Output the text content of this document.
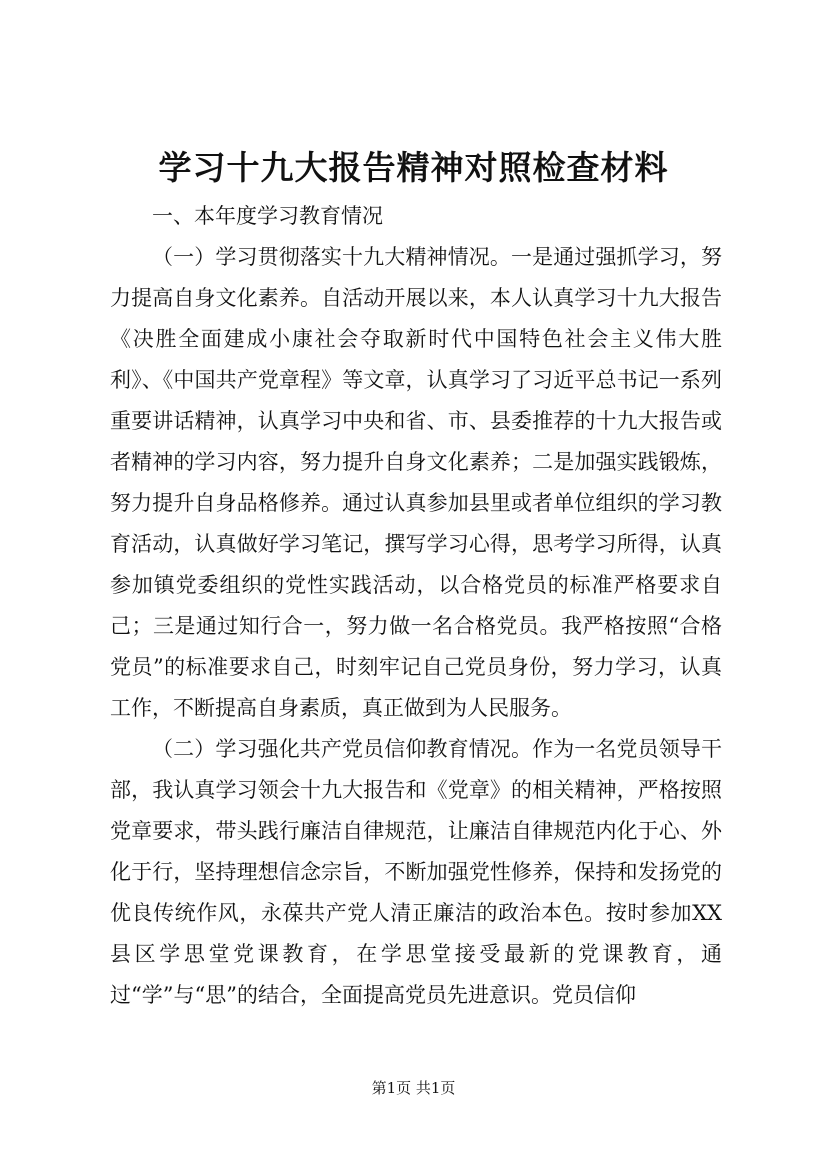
学习十九大报告精神对照检查材料

一、本年度学习教育情况

（一）学习贯彻落实十九大精神情况。一是通过强抓学习，努力提高自身文化素养。自活动开展以来，本人认真学习十九大报告《决胜全面建成小康社会夺取新时代中国特色社会主义伟大胜利》、《中国共产党章程》等文章，认真学习了习近平总书记一系列重要讲话精神，认真学习中央和省、市、县委推荐的十九大报告或者精神的学习内容，努力提升自身文化素养；二是加强实践锻炼，努力提升自身品格修养。通过认真参加县里或者单位组织的学习教育活动，认真做好学习笔记，撰写学习心得，思考学习所得，认真参加镇党委组织的党性实践活动，以合格党员的标准严格要求自己；三是通过知行合一，努力做一名合格党员。我严格按照“合格党员”的标准要求自己，时刻牢记自己党员身份，努力学习，认真工作，不断提高自身素质，真正做到为人民服务。

（二）学习强化共产党员信仰教育情况。作为一名党员领导干部，我认真学习领会十九大报告和《党章》的相关精神，严格按照党章要求，带头践行廉洁自律规范，让廉洁自律规范内化于心、外化于行，坚持理想信念宗旨，不断加强党性修养，保持和发扬党的优良传统作风，永葆共产党人清正廉洁的政治本色。按时参加XX县区学思堂党课教育，在学思堂接受最新的党课教育，通过“学”与“思”的结合，全面提高党员先进意识。党员信仰

第1页 共1页
